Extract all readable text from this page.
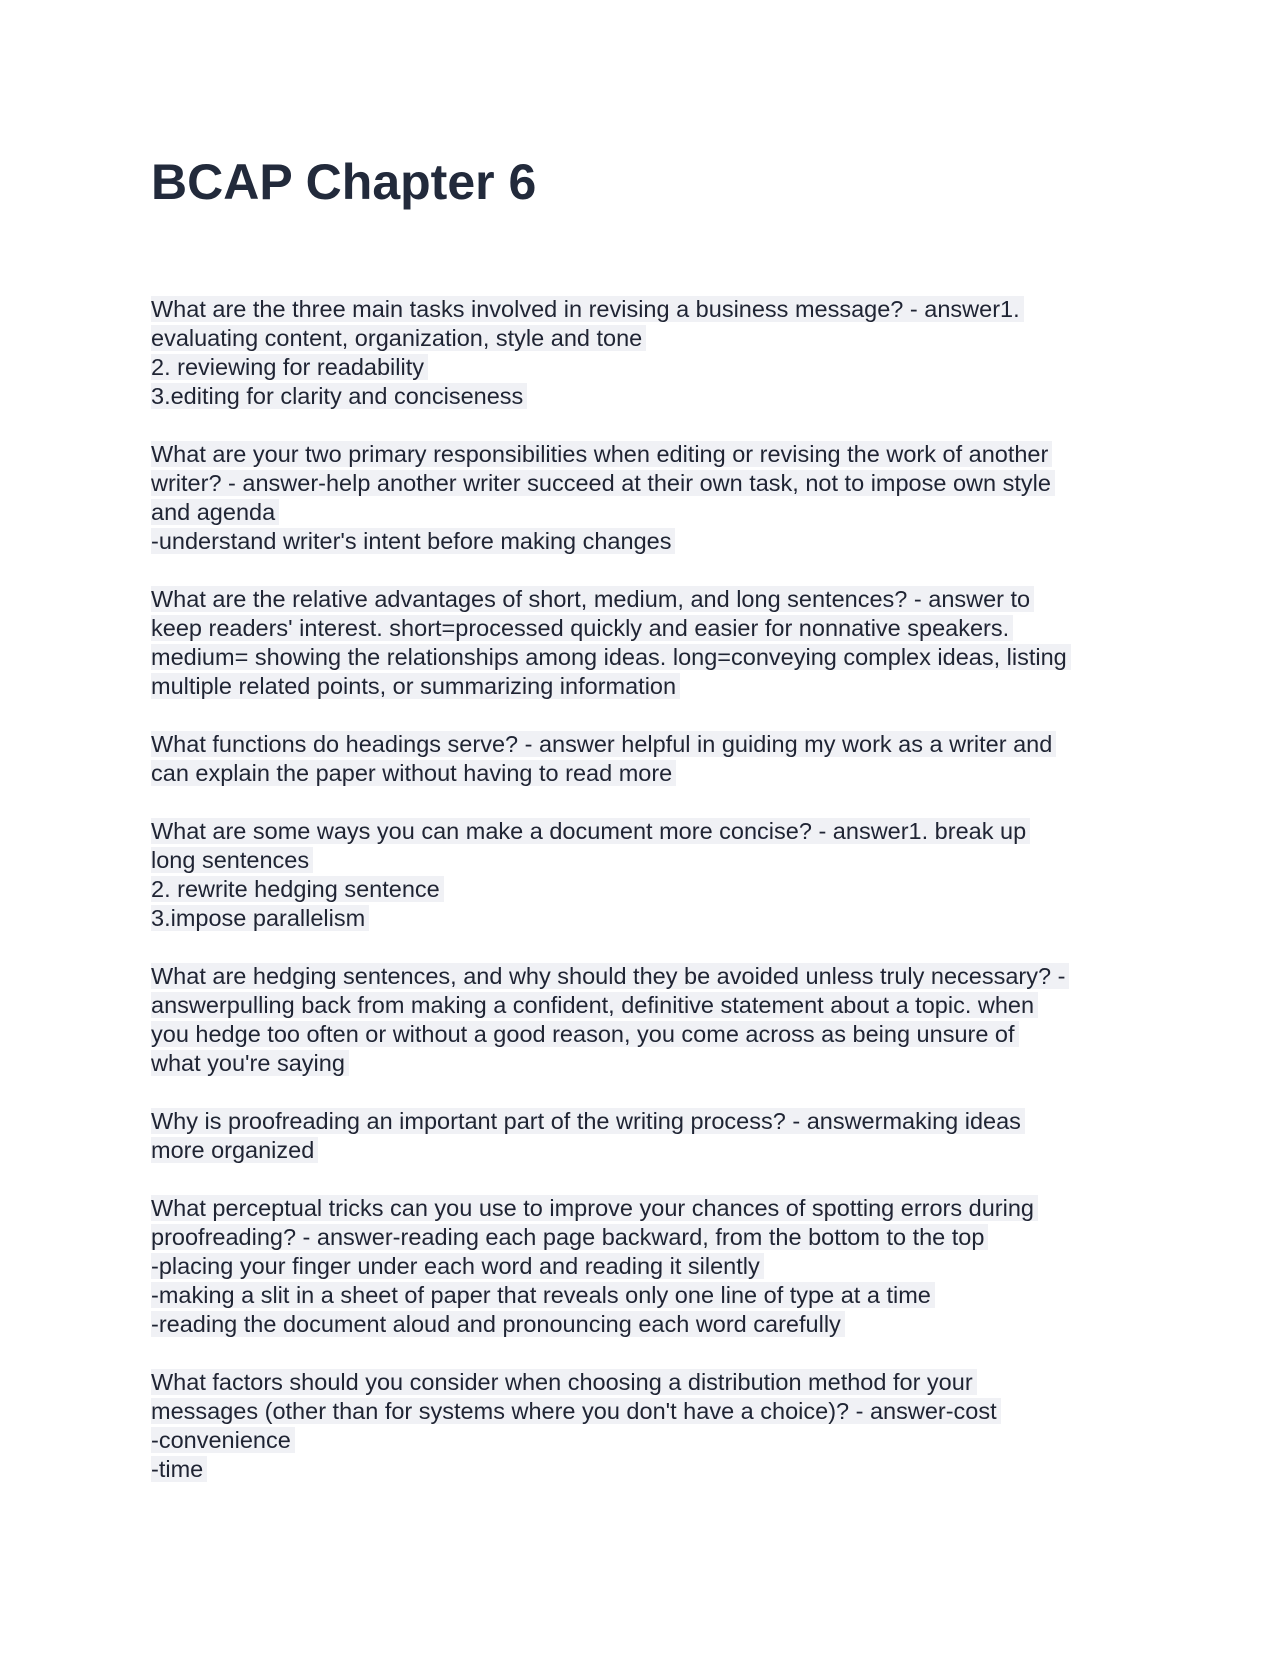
BCAP Chapter 6
What are the three main tasks involved in revising a business message? - answer1.
evaluating content, organization, style and tone
2. reviewing for readability
3.editing for clarity and conciseness
What are your two primary responsibilities when editing or revising the work of another
writer? - answer-help another writer succeed at their own task, not to impose own style
and agenda
-understand writer's intent before making changes
What are the relative advantages of short, medium, and long sentences? - answer to
keep readers' interest. short=processed quickly and easier for nonnative speakers.
medium= showing the relationships among ideas. long=conveying complex ideas, listing
multiple related points, or summarizing information
What functions do headings serve? - answer helpful in guiding my work as a writer and
can explain the paper without having to read more
What are some ways you can make a document more concise? - answer1. break up
long sentences
2. rewrite hedging sentence
3.impose parallelism
What are hedging sentences, and why should they be avoided unless truly necessary? -
answerpulling back from making a confident, definitive statement about a topic. when
you hedge too often or without a good reason, you come across as being unsure of
what you're saying
Why is proofreading an important part of the writing process? - answermaking ideas
more organized
What perceptual tricks can you use to improve your chances of spotting errors during
proofreading? - answer-reading each page backward, from the bottom to the top
-placing your finger under each word and reading it silently
-making a slit in a sheet of paper that reveals only one line of type at a time
-reading the document aloud and pronouncing each word carefully
What factors should you consider when choosing a distribution method for your
messages (other than for systems where you don't have a choice)? - answer-cost
-convenience
-time
